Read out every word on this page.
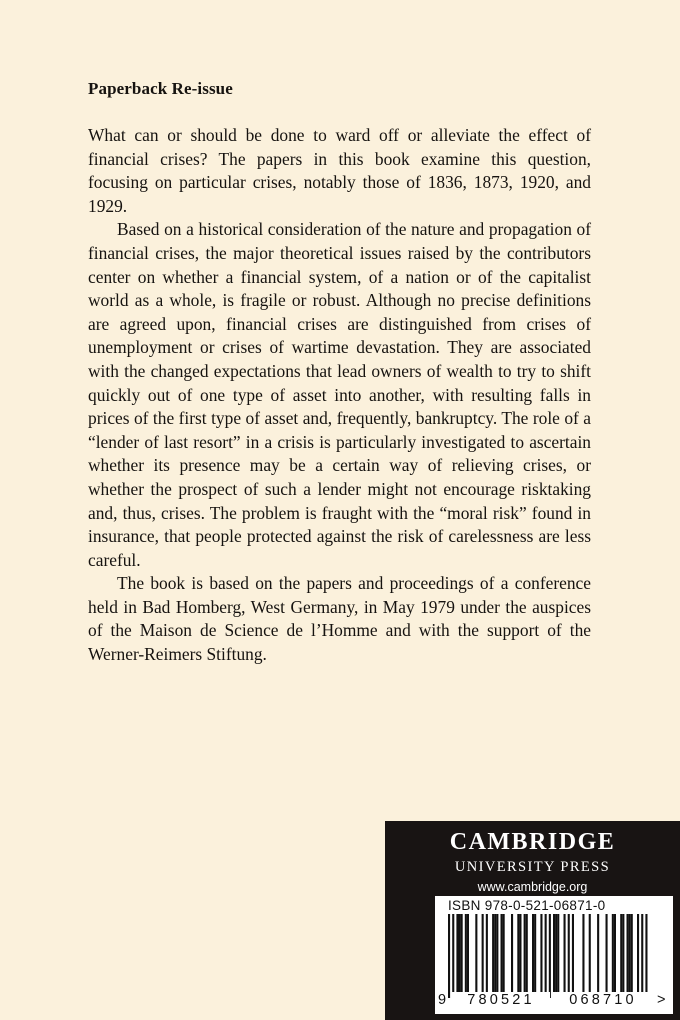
Paperback Re-issue

What can or should be done to ward off or alleviate the effect of financial crises? The papers in this book examine this question, focusing on particular crises, notably those of 1836, 1873, 1920, and 1929.

Based on a historical consideration of the nature and propagation of financial crises, the major theoretical issues raised by the contributors center on whether a financial system, of a nation or of the capitalist world as a whole, is fragile or robust. Although no precise definitions are agreed upon, financial crises are distinguished from crises of unemployment or crises of wartime devastation. They are associated with the changed expectations that lead owners of wealth to try to shift quickly out of one type of asset into another, with resulting falls in prices of the first type of asset and, frequently, bankruptcy. The role of a “lender of last resort” in a crisis is particularly investigated to ascertain whether its presence may be a certain way of relieving crises, or whether the prospect of such a lender might not encourage risktaking and, thus, crises. The problem is fraught with the “moral risk” found in insurance, that people protected against the risk of carelessness are less careful.

The book is based on the papers and proceedings of a conference held in Bad Homberg, West Germany, in May 1979 under the auspices of the Maison de Science de l’Homme and with the support of the Werner-Reimers Stiftung.

CAMBRIDGE
UNIVERSITY PRESS
www.cambridge.org
ISBN 978-0-521-06871-0
9	780521	068710	>
